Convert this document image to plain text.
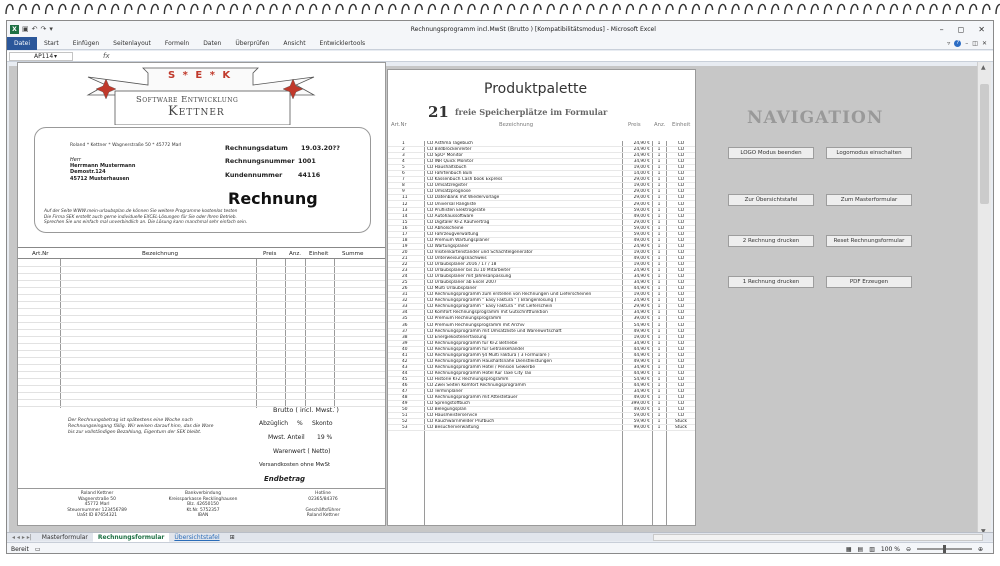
X ▣ ↶ ↷ ▾	Rechnungsprogramm incl.MwSt (Brutto ) [Kompatibilitätsmodus] - Microsoft Excel	– ◻ ✕
Datei	Start	Einfügen	Seitenlayout	Formeln	Daten	Überprüfen	Ansicht	Entwicklertools	▿	?	– ◫ ✕
AP114 ▾	fx
▲
◂ ◂ ▸ ▸|	Masterformular	Rechnungsformular	Übersichtstafel	⊞
Bereit ▭	▦ ▤ ▥ 100 % ⊖	⊕
S * E * K
Software Entwicklung
Kettner
Roland * Kettner * Wagnerstraße 50 * 45772 Marl
Herr
Herrmann Mustermann
Demostr.124
45712 Musterhausen
Rechnungsdatum 19.03.20??
Rechnungsnummer 1001
Kundennummer 44116
Rechnung
Auf der Seite WWW.mein-urlaubsplan.de können Sie weitere Programme kostenlos testen
Die Firma SEK erstellt auch gerne individuelle EXCEL-Lösungen für Sie oder Ihren Betrieb.
Sprechen Sie uns einfach mal unverbindlich an. Die Lösung kann manchmal sehr einfach sein.
Art.Nr	Bezeichnung	Preis Anz. Einheit Summe
Brutto ( incl. Mwst. )
Abzüglich % Skonto
Mwst. Anteil 19 %
Warenwert ( Netto)
Versandkosten ohne MwSt
Endbetrag
Der Rechnungsbetrag ist spätestens eine Woche nach Rechnungseingang fällig. Wir weisen darauf hinn, das die Ware bis zur vollständigen Bezahlung, Eigentum der SEK bleibt.
Roland Kettner
Wagnerstraße 50
45772 Marl
Steuernummer 123456789
UaSt ID 87654321
Bankverbindung
Kreissparkasse Recklinghausen
Blz. 42650150
Kt.Nr. 5752357
IBAN
Hotline
02365/84376
Geschäftsführer
Roland Kettner
Produktpalette
21 freie Speicherplätze im Formular
Art.Nr	Bezeichnung	Preis	Anz. Einheit
1	CD Asthma Tagebuch	24,90 €	1	CD
2	CD Bildbrockenreiter	24,90 €	1	CD
3	CD SpO² Monitor	24,90 €	1	CD
4	CD INR Quick Monitor	34,90 €	1	CD
5	CD Haushaltsbuch	19,00 €	1	CD
6	CD Fahrtenbuch Bulli	14,00 €	1	CD
7	CD Kassenbuch Cash book Express	29,00 €	1	CD
8	CD Umsatzregister	19,00 €	1	CD
9	CD Umsatzprognose	29,00 €	1	CD
11	CD Datenbank mit Wiedervorlage	29,00 €	1	CD
12	CD Universal Rangliste	29,00 €	1	CD
13	CD Prüflisten Elektrogeräte	59,00 €	1	CD
14	CD Autohaussoftware	49,00 €	1	CD
15	CD Digitaler KFZ Kaufvertrag	29,00 €	1	CD
16	CD Abholscheine	59,00 €	1	CD
17	CD Fahrzeugverwaltung	59,00 €	1	CD
18	CD Premium Wartungsplaner	49,00 €	1	CD
19	CD Wartungsplaner	24,90 €	1	CD
20	CD Visitenkartenständer und Schachtelgenerator	19,00 €	1	CD
21	CD Unterweisungsnachweis	49,00 €	1	CD
22	CD Urlaubsplaner 2016 / 17 / 18	19,00 €	1	CD
23	CD Urlaubsplaner bis zu 10 Mitarbeiter	24,90 €	1	CD
24	CD Urlaubsplaner mit Jahresanpassung	34,90 €	1	CD
25	CD Urlaubsplaner ab Excel 2007	34,90 €	1	CD
26	CD Multi Urlaubsplaner	44,90 €	1	CD
31	CD Rechnungsprogramm zum erstellen von Rechnungen und Lieferscheinen	19,00 €	1	CD
32	CD Rechnungsprogramm " Easy Faktura " ( Brangenlösung )	24,90 €	1	CD
33	CD Rechnungsprogramm " Easy Faktura " mit Lieferschein	29,90 €	1	CD
34	CD Komfort Rechnungsprogramm mit Gutschriftfunktion	34,90 €	1	CD
35	CD Premium Rechnungsprogramm	39,00 €	1	CD
36	CD Premium Rechnungsprogramm mit Archiv	54,90 €	1	CD
37	CD Rechnungsprogramm mit Umsatzliste und Warenwirtschaft	49,90 €	1	CD
38	CD Energiekostenerfassung	19,00 €	1	CD
39	CD Rechnungsprogramm für KFZ Betriebe	34,90 €	1	CD
40	CD Rechnungsprogramm für Getränkehandel	44,90 €	1	CD
41	CD Rechnungsprogramm §4 Multi Faktura ( 3 Formulare )	44,90 €	1	CD
42	CD Rechnungsprogramm Haushaltsnahe Dienstleistungen	49,90 €	1	CD
43	CD Rechnungsprogramm Hotel / Pension Gewerbe	34,90 €	1	CD
44	CD Rechnungsprogramm Hotel Kur Taxe City Tax	44,90 €	1	CD
45	CD Historie KFZ Rechnungsprogramm	54,90 €	1	CD
46	CD Zwei Seiten Komfort Rechnungsprogramm	44,90 €	1	CD
47	CD Terminplaner	34,90 €	1	CD
48	CD Rechnungsprogramm mit Attestetauer	49,00 €	1	CD
49	CD Sprengstoffbuch	399,00 €	1	CD
50	CD Belegungsplan	49,00 €	1	CD
51	CD Hausmeisterservice	59,00 €	1	CD
52	CD Rauchwarnmelder Prüfbuch	59,90 €	1	Stück
53	CD Besucherverwaltung	99,00 €	1	Stück
NAVIGATION
LOGO Modus beenden	Logomodus einschalten
Zur Übersichtstafel	Zum Masterformular
2 Rechnung drucken	Reset Rechnungsformular
1 Rechnung drucken	PDF Erzeugen
